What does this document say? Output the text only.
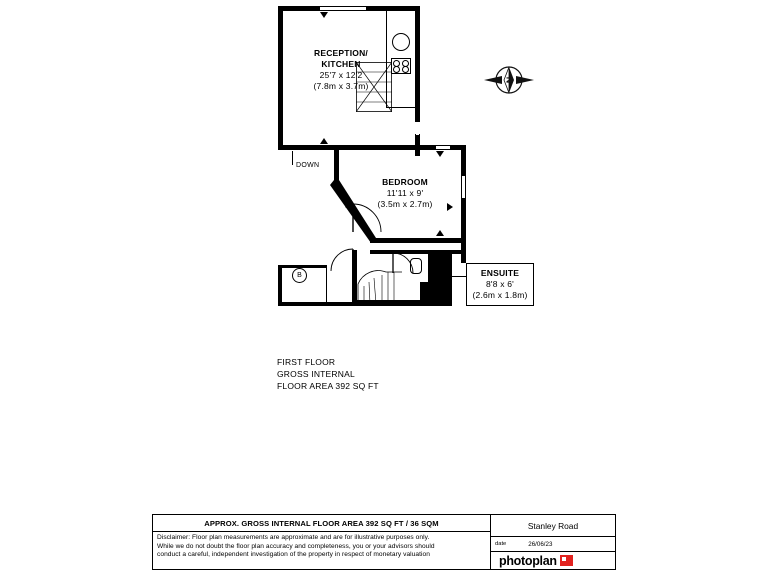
RECEPTION/
KITCHEN
25'7 x 12'2
(7.8m x 3.7m)
DOWN
BEDROOM
11'11 x 9'
(3.5m x 2.7m)
ENSUITE
8'8 x 6'
(2.6m x 1.8m)
B
N
FIRST FLOOR
GROSS INTERNAL
FLOOR AREA 392 SQ FT
APPROX. GROSS INTERNAL FLOOR AREA 392 SQ FT / 36 SQM
Disclaimer: Floor plan measurements are approximate and are for illustrative purposes only.
While we do not doubt the floor plan accuracy and completeness, you or your advisors should
conduct a careful, independent investigation of the property in respect of monetary valuation
Stanley Road
date	26/06/23
photoplan
